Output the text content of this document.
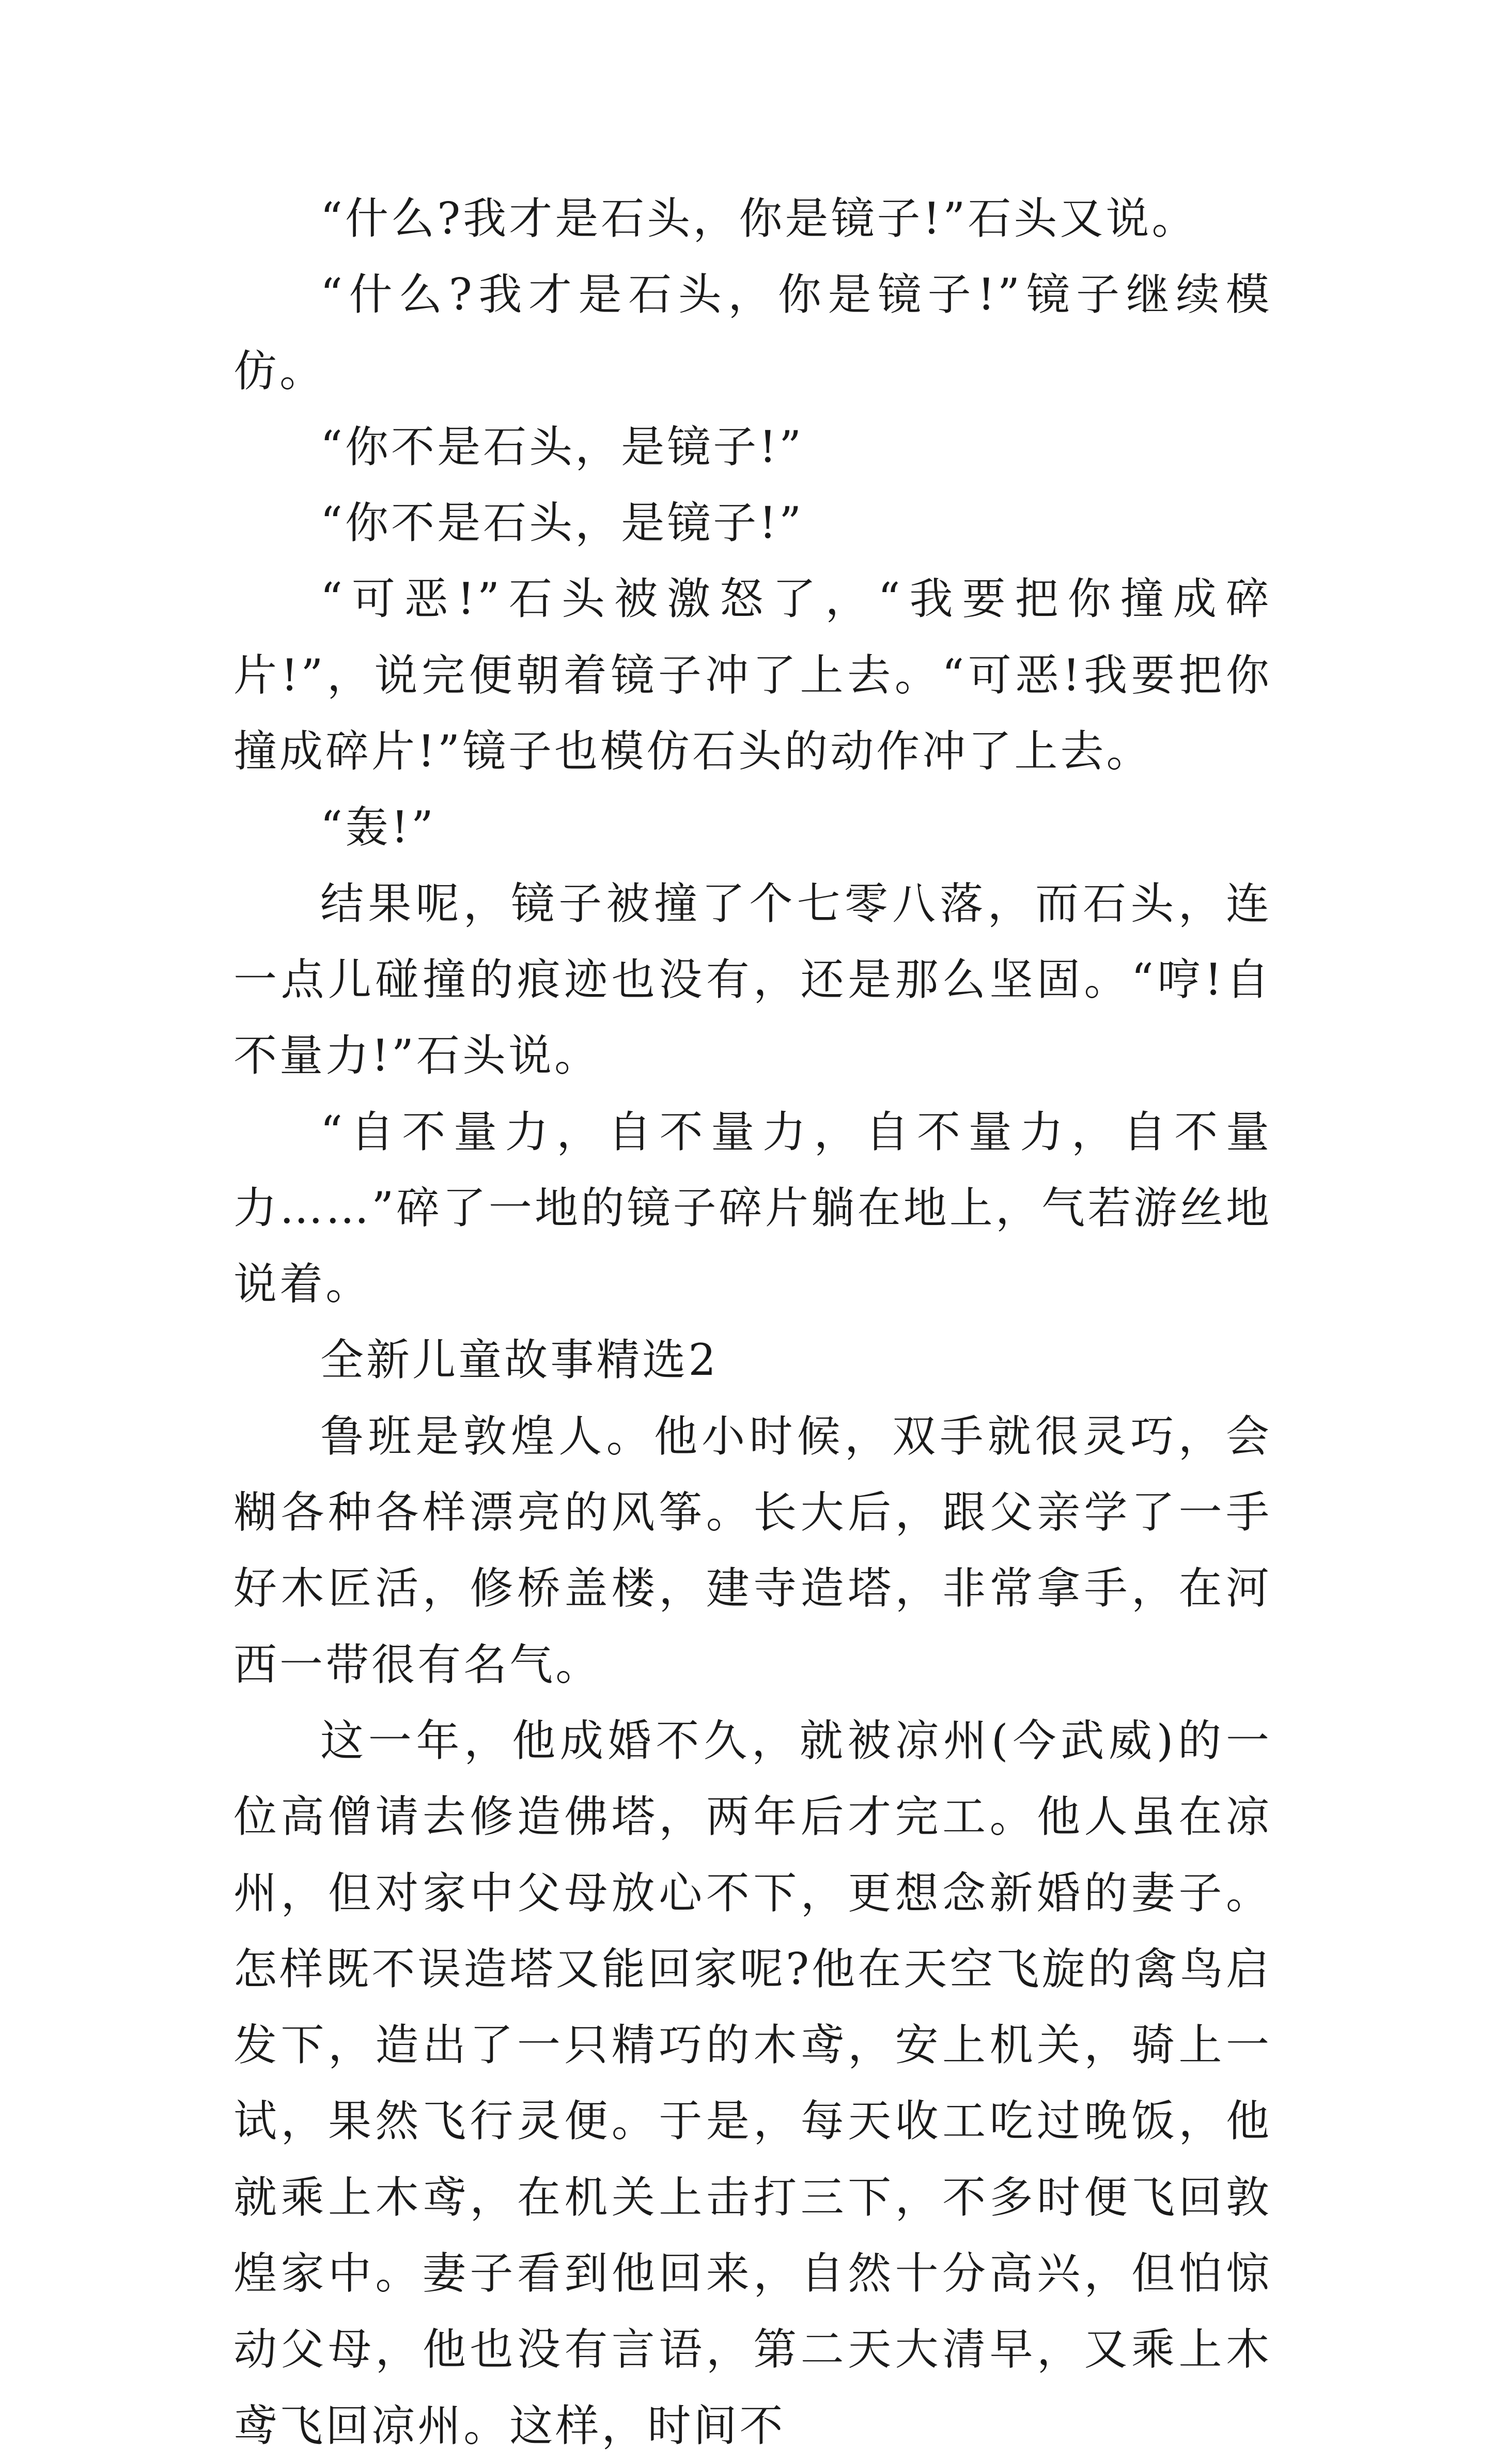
“什么?我才是石头，你是镜子!”石头又说。

“什么?我才是石头，你是镜子!”镜子继续模仿。

“你不是石头，是镜子!”

“你不是石头，是镜子!”

“可恶!”石头被激怒了，“我要把你撞成碎片!”，说完便朝着镜子冲了上去。“可恶!我要把你撞成碎片!”镜子也模仿石头的动作冲了上去。

“轰!”

结果呢，镜子被撞了个七零八落，而石头，连一点儿碰撞的痕迹也没有，还是那么坚固。“哼!自不量力!”石头说。

“自不量力，自不量力，自不量力，自不量力……”碎了一地的镜子碎片躺在地上，气若游丝地说着。

全新儿童故事精选2

鲁班是敦煌人。他小时候，双手就很灵巧，会糊各种各样漂亮的风筝。长大后，跟父亲学了一手好木匠活，修桥盖楼，建寺造塔，非常拿手，在河西一带很有名气。

这一年，他成婚不久，就被凉州(今武威)的一位高僧请去修造佛塔，两年后才完工。他人虽在凉州，但对家中父母放心不下，更想念新婚的妻子。怎样既不误造塔又能回家呢?他在天空飞旋的禽鸟启发下，造出了一只精巧的木鸢，安上机关，骑上一试，果然飞行灵便。于是，每天收工吃过晚饭，他就乘上木鸢，在机关上击打三下，不多时便飞回敦煌家中。妻子看到他回来，自然十分高兴，但怕惊动父母，他也没有言语，第二天大清早，又乘上木鸢飞回凉州。这样，时间不
